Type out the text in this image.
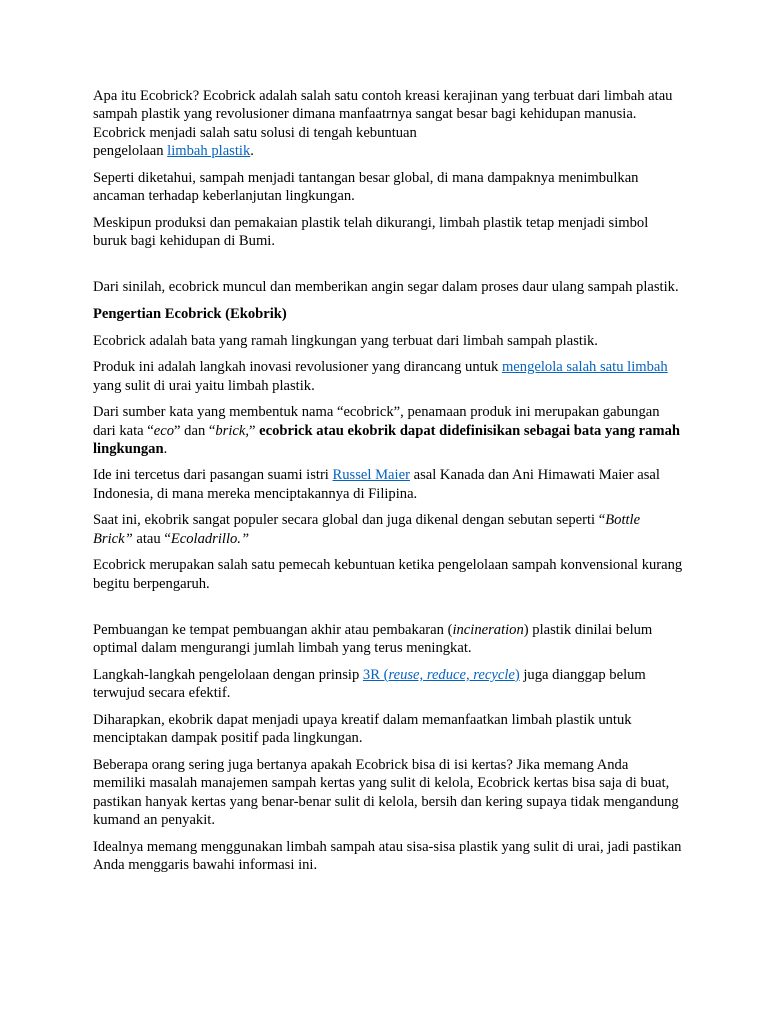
Apa itu Ecobrick? Ecobrick adalah salah satu contoh kreasi kerajinan yang terbuat dari limbah atau sampah plastik yang revolusioner dimana manfaatrnya sangat besar bagi kehidupan manusia. Ecobrick menjadi salah satu solusi di tengah kebuntuan
pengelolaan limbah plastik.

Seperti diketahui, sampah menjadi tantangan besar global, di mana dampaknya menimbulkan ancaman terhadap keberlanjutan lingkungan.

Meskipun produksi dan pemakaian plastik telah dikurangi, limbah plastik tetap menjadi simbol buruk bagi kehidupan di Bumi.

Dari sinilah, ecobrick muncul dan memberikan angin segar dalam proses daur ulang sampah plastik.

Pengertian Ecobrick (Ekobrik)

Ecobrick adalah bata yang ramah lingkungan yang terbuat dari limbah sampah plastik.

Produk ini adalah langkah inovasi revolusioner yang dirancang untuk mengelola salah satu limbah yang sulit di urai yaitu limbah plastik.

Dari sumber kata yang membentuk nama “ecobrick”, penamaan produk ini merupakan gabungan dari kata “eco” dan “brick,” ecobrick atau ekobrik dapat didefinisikan sebagai bata yang ramah lingkungan.

Ide ini tercetus dari pasangan suami istri Russel Maier asal Kanada dan Ani Himawati Maier asal Indonesia, di mana mereka menciptakannya di Filipina.

Saat ini, ekobrik sangat populer secara global dan juga dikenal dengan sebutan seperti “Bottle Brick” atau “Ecoladrillo.”

Ecobrick merupakan salah satu pemecah kebuntuan ketika pengelolaan sampah konvensional kurang begitu berpengaruh.

Pembuangan ke tempat pembuangan akhir atau pembakaran (incineration) plastik dinilai belum optimal dalam mengurangi jumlah limbah yang terus meningkat.

Langkah-langkah pengelolaan dengan prinsip 3R (reuse, reduce, recycle) juga dianggap belum terwujud secara efektif.

Diharapkan, ekobrik dapat menjadi upaya kreatif dalam memanfaatkan limbah plastik untuk menciptakan dampak positif pada lingkungan.

Beberapa orang sering juga bertanya apakah Ecobrick bisa di isi kertas? Jika memang Anda memiliki masalah manajemen sampah kertas yang sulit di kelola, Ecobrick kertas bisa saja di buat, pastikan hanyak kertas yang benar-benar sulit di kelola, bersih dan kering supaya tidak mengandung kumand an penyakit.

Idealnya memang menggunakan limbah sampah atau sisa-sisa plastik yang sulit di urai, jadi pastikan Anda menggaris bawahi informasi ini.
